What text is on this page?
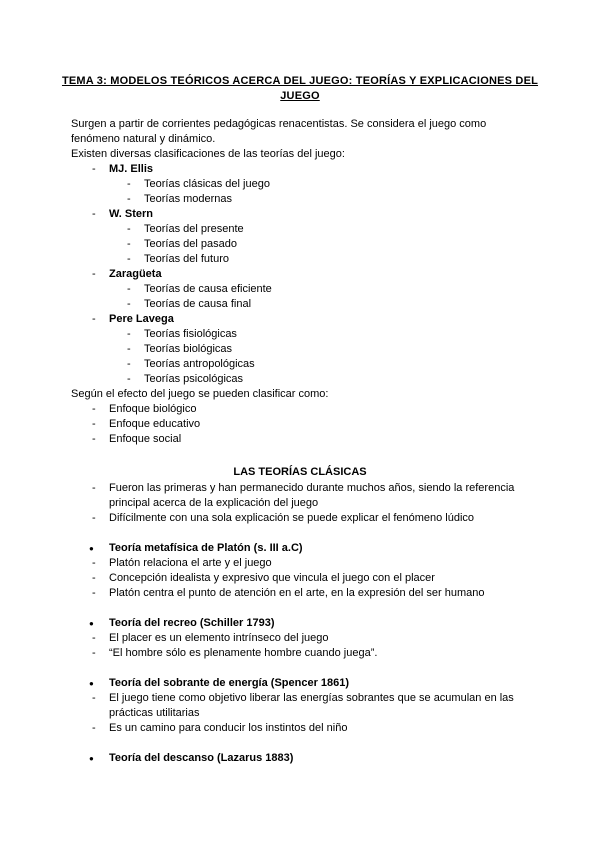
TEMA 3: MODELOS TEÓRICOS ACERCA DEL JUEGO: TEORÍAS Y EXPLICACIONES DEL JUEGO
Surgen a partir de corrientes pedagógicas renacentistas. Se considera el juego como
fenómeno natural y dinámico.
Existen diversas clasificaciones de las teorías del juego:
- MJ. Ellis
- Teorías clásicas del juego
- Teorías modernas
- W. Stern
- Teorías del presente
- Teorías del pasado
- Teorías del futuro
- Zaragüeta
- Teorías de causa eficiente
- Teorías de causa final
- Pere Lavega
- Teorías fisiológicas
- Teorías biológicas
- Teorías antropológicas
- Teorías psicológicas
Según el efecto del juego se pueden clasificar como:
- Enfoque biológico
- Enfoque educativo
- Enfoque social
LAS TEORÍAS CLÁSICAS
- Fueron las primeras y han permanecido durante muchos años, siendo la referencia
principal acerca de la explicación del juego
- Difícilmente con una sola explicación se puede explicar el fenómeno lúdico
● Teoría metafísica de Platón (s. III a.C)
- Platón relaciona el arte y el juego
- Concepción idealista y expresivo que vincula el juego con el placer
- Platón centra el punto de atención en el arte, en la expresión del ser humano
● Teoría del recreo (Schiller 1793)
- El placer es un elemento intrínseco del juego
- “El hombre sólo es plenamente hombre cuando juega”.
● Teoría del sobrante de energía (Spencer 1861)
- El juego tiene como objetivo liberar las energías sobrantes que se acumulan en las
prácticas utilitarias
- Es un camino para conducir los instintos del niño
● Teoría del descanso (Lazarus 1883)
